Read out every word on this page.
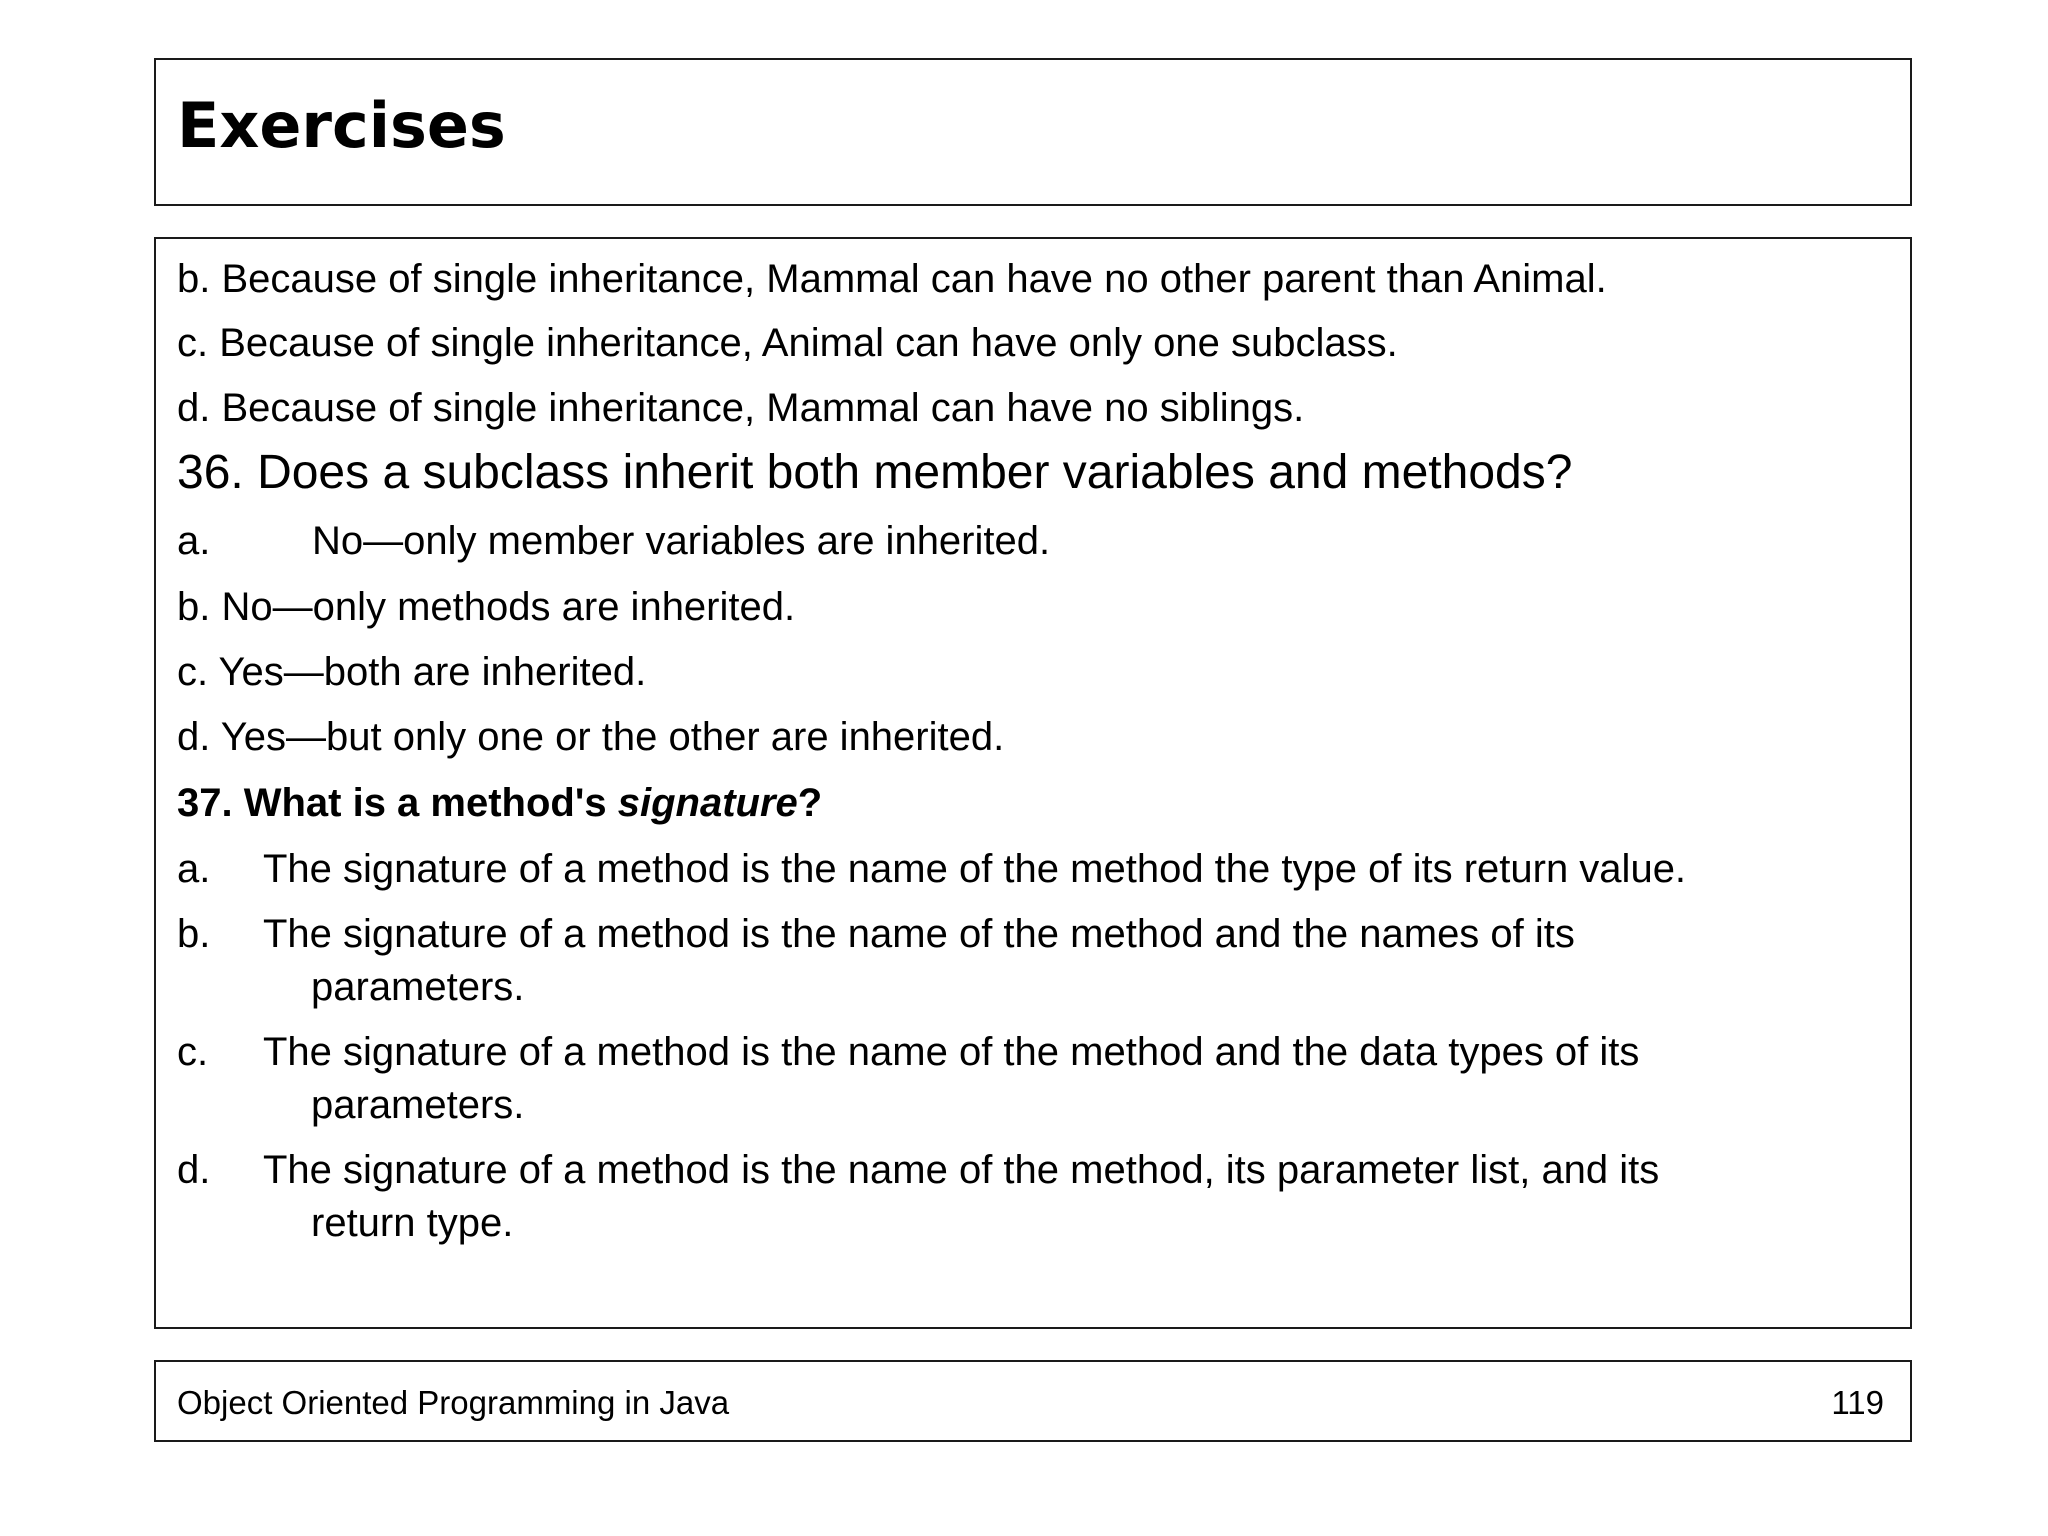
Exercises

b. Because of single inheritance, Mammal can have no other parent than Animal.

c. Because of single inheritance, Animal can have only one subclass.

d. Because of single inheritance, Mammal can have no siblings.

36. Does a subclass inherit both member variables and methods?

a.	No—only member variables are inherited.

b. No—only methods are inherited.

c. Yes—both are inherited.

d. Yes—but only one or the other are inherited.

37. What is a method's signature?

a. The signature of a method is the name of the method the type of its return value.

b. The signature of a method is the name of the method and the names of its

parameters.

c. The signature of a method is the name of the method and the data types of its

parameters.

d. The signature of a method is the name of the method, its parameter list, and its

return type.

Object Oriented Programming in Java	119
